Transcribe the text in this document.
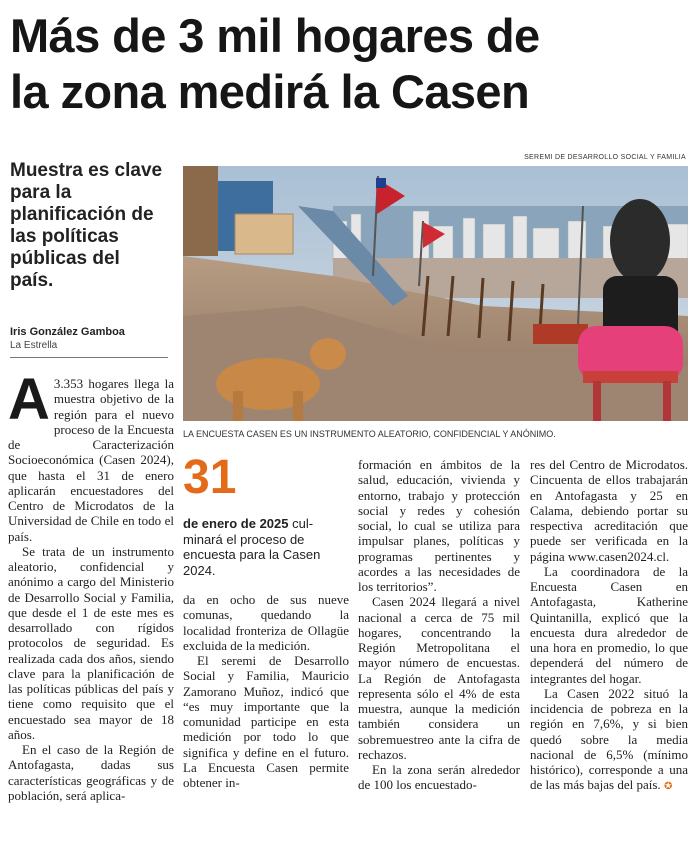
Más de 3 mil hogares de
la zona medirá la Casen
Muestra es clave
para la
planificación de
las políticas
públicas del
país.
Iris González Gamboa
La Estrella
SEREMI DE DESARROLLO SOCIAL Y FAMILIA
LA ENCUESTA CASEN ES UN INSTRUMENTO ALEATORIO, CONFIDENCIAL Y ANÓNIMO.
A 3.353 hogares llega la muestra objetivo de la región para el nuevo proceso de la Encuesta de Caracterización Socioeconómica (Casen 2024), que hasta el 31 de enero aplicarán encuestadores del Centro de Microdatos de la Universidad de Chile en todo el país.

Se trata de un instrumento aleatorio, confidencial y anónimo a cargo del Ministerio de Desarrollo Social y Familia, que desde el 1 de este mes es desarrollado con rígidos protocolos de seguridad. Es realizada cada dos años, siendo clave para la planificación de las políticas públicas del país y tiene como requisito que el encuestado sea mayor de 18 años.

En el caso de la Región de Antofagasta, dadas sus características geográficas y de población, será aplica-

31
de enero de 2025 cul-
minará el proceso de
encuesta para la Casen
2024.

da en ocho de sus nueve comunas, quedando la localidad fronteriza de Ollagüe excluida de la medición.

El seremi de Desarrollo Social y Familia, Mauricio Zamorano Muñoz, indicó que “es muy importante que la comunidad participe en esta medición por todo lo que significa y define en el futuro. La Encuesta Casen permite obtener in-

formación en ámbitos de la salud, educación, vivienda y entorno, trabajo y protección social y redes y cohesión social, lo cual se utiliza para impulsar planes, políticas y programas pertinentes y acordes a las necesidades de los territorios”.

Casen 2024 llegará a nivel nacional a cerca de 75 mil hogares, concentrando la Región Metropolitana el mayor número de encuestas. La Región de Antofagasta representa sólo el 4% de esta muestra, aunque la medición también considera un sobremuestreo ante la cifra de rechazos.

En la zona serán alrededor de 100 los encuestado-

res del Centro de Microdatos. Cincuenta de ellos trabajarán en Antofagasta y 25 en Calama, debiendo portar su respectiva acreditación que puede ser verificada en la página www.casen2024.cl.

La coordinadora de la Encuesta Casen en Antofagasta, Katherine Quintanilla, explicó que la encuesta dura alrededor de una hora en promedio, lo que dependerá del número de integrantes del hogar.

La Casen 2022 situó la incidencia de pobreza en la región en 7,6%, y si bien quedó sobre la media nacional de 6,5% (mínimo histórico), corresponde a una de las más bajas del país. ✪
